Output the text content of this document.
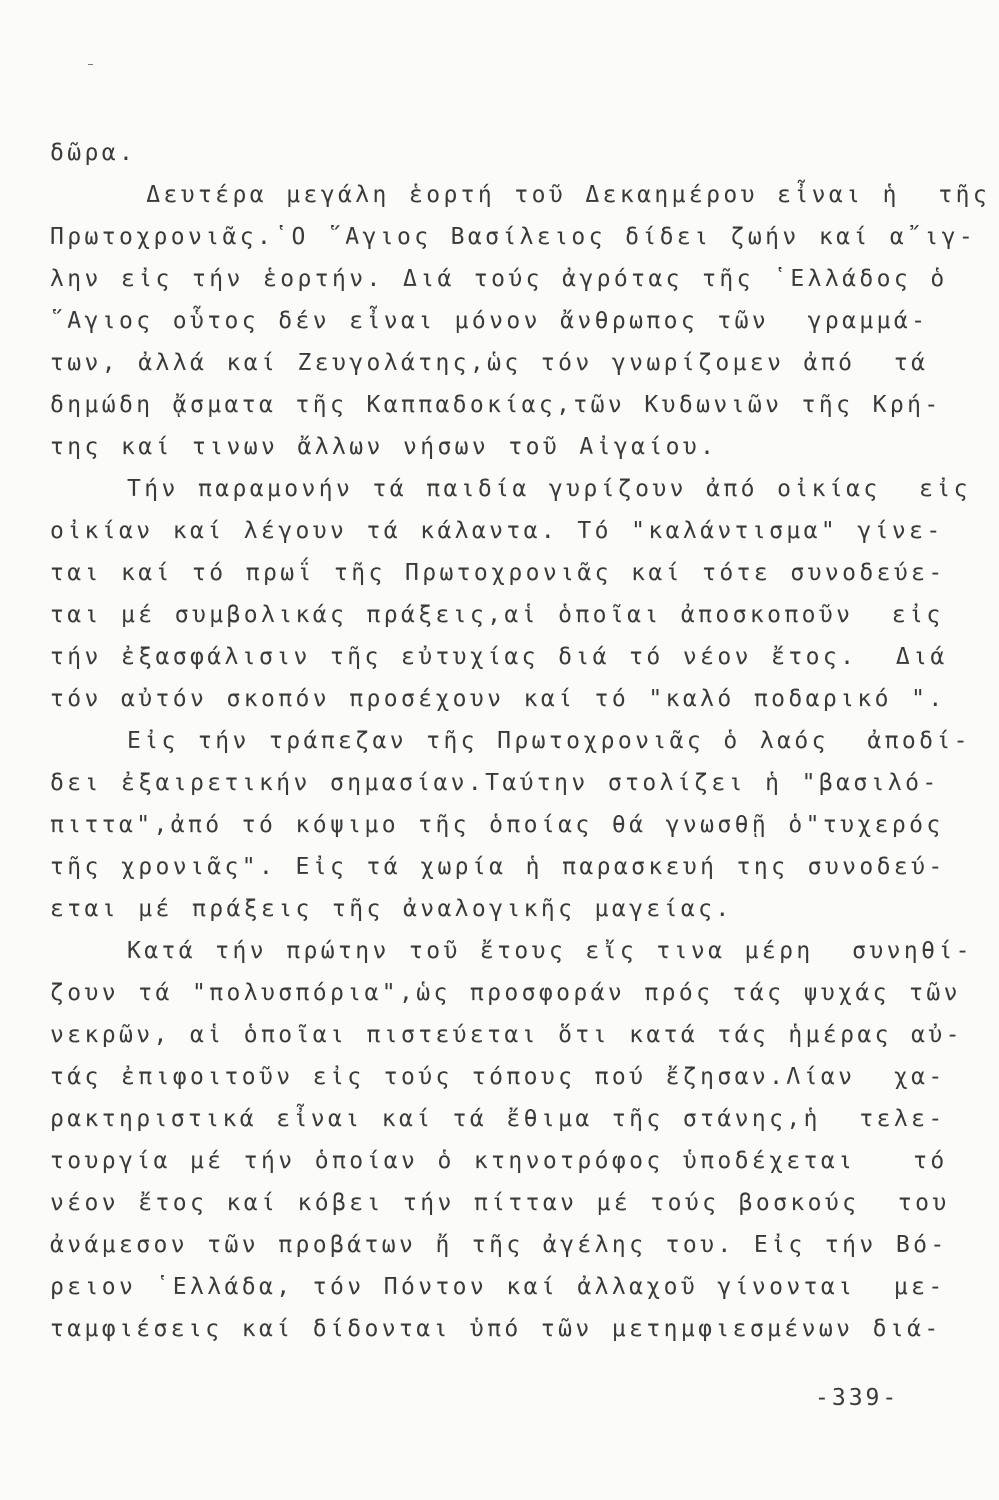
δῶρα.
Δευτέρα μεγάλη ἑορτή τοῦ Δεκαημέρου εἶναι ἡ  τῆς
Πρωτοχρονιᾶς.῾Ο ῞Αγιος Βασίλειος δίδει ζωήν καί α῎ιγ-
λην εἰς τήν ἑορτήν. Διά τούς ἀγρότας τῆς ῾Ελλάδος ὁ
῞Αγιος οὗτος δέν εἶναι μόνον ἄνθρωπος τῶν  γραμμά-
των, ἀλλά καί Ζευγολάτης,ὡς τόν γνωρίζομεν ἀπό  τά
δημώδη ᾄσματα τῆς Καππαδοκίας,τῶν Κυδωνιῶν τῆς Κρή-
της καί τινων ἄλλων νήσων τοῦ Αἰγαίου.
Τήν παραμονήν τά παιδία γυρίζουν ἀπό οἰκίας  εἰς
οἰκίαν καί λέγουν τά κάλαντα. Τό "καλάντισμα" γίνε-
ται καί τό πρωΐ τῆς Πρωτοχρονιᾶς καί τότε συνοδεύε-
ται μέ συμβολικάς πράξεις,αἱ ὁποῖαι ἀποσκοποῦν  εἰς
τήν ἐξασφάλισιν τῆς εὐτυχίας διά τό νέον ἔτος.  Διά
τόν αὐτόν σκοπόν προσέχουν καί τό "καλό ποδαρικό ".
Εἰς τήν τράπεζαν τῆς Πρωτοχρονιᾶς ὁ λαός  ἀποδί-
δει ἐξαιρετικήν σημασίαν.Ταύτην στολίζει ἡ "βασιλό-
πιττα",ἀπό τό κόψιμο τῆς ὁποίας θά γνωσθῇ ὁ"τυχερός
τῆς χρονιᾶς". Εἰς τά χωρία ἡ παρασκευή της συνοδεύ-
εται μέ πράξεις τῆς ἀναλογικῆς μαγείας.
Κατά τήν πρώτην τοῦ ἔτους εἴς τινα μέρη  συνηθί-
ζουν τά "πολυσπόρια",ὡς προσφοράν πρός τάς ψυχάς τῶν
νεκρῶν, αἱ ὁποῖαι πιστεύεται ὅτι κατά τάς ἡμέρας αὐ-
τάς ἐπιφοιτοῦν εἰς τούς τόπους πού ἔζησαν.Λίαν  χα-
ρακτηριστικά εἶναι καί τά ἔθιμα τῆς στάνης,ἡ  τελε-
τουργία μέ τήν ὁποίαν ὁ κτηνοτρόφος ὑποδέχεται   τό
νέον ἔτος καί κόβει τήν πίτταν μέ τούς βοσκούς  του
ἀνάμεσον τῶν προβάτων ἤ τῆς ἀγέλης του. Εἰς τήν Βό-
ρειον ῾Ελλάδα, τόν Πόντον καί ἀλλαχοῦ γίνονται  με-
ταμφιέσεις καί δίδονται ὑπό τῶν μετημφιεσμένων διά-
-339-
